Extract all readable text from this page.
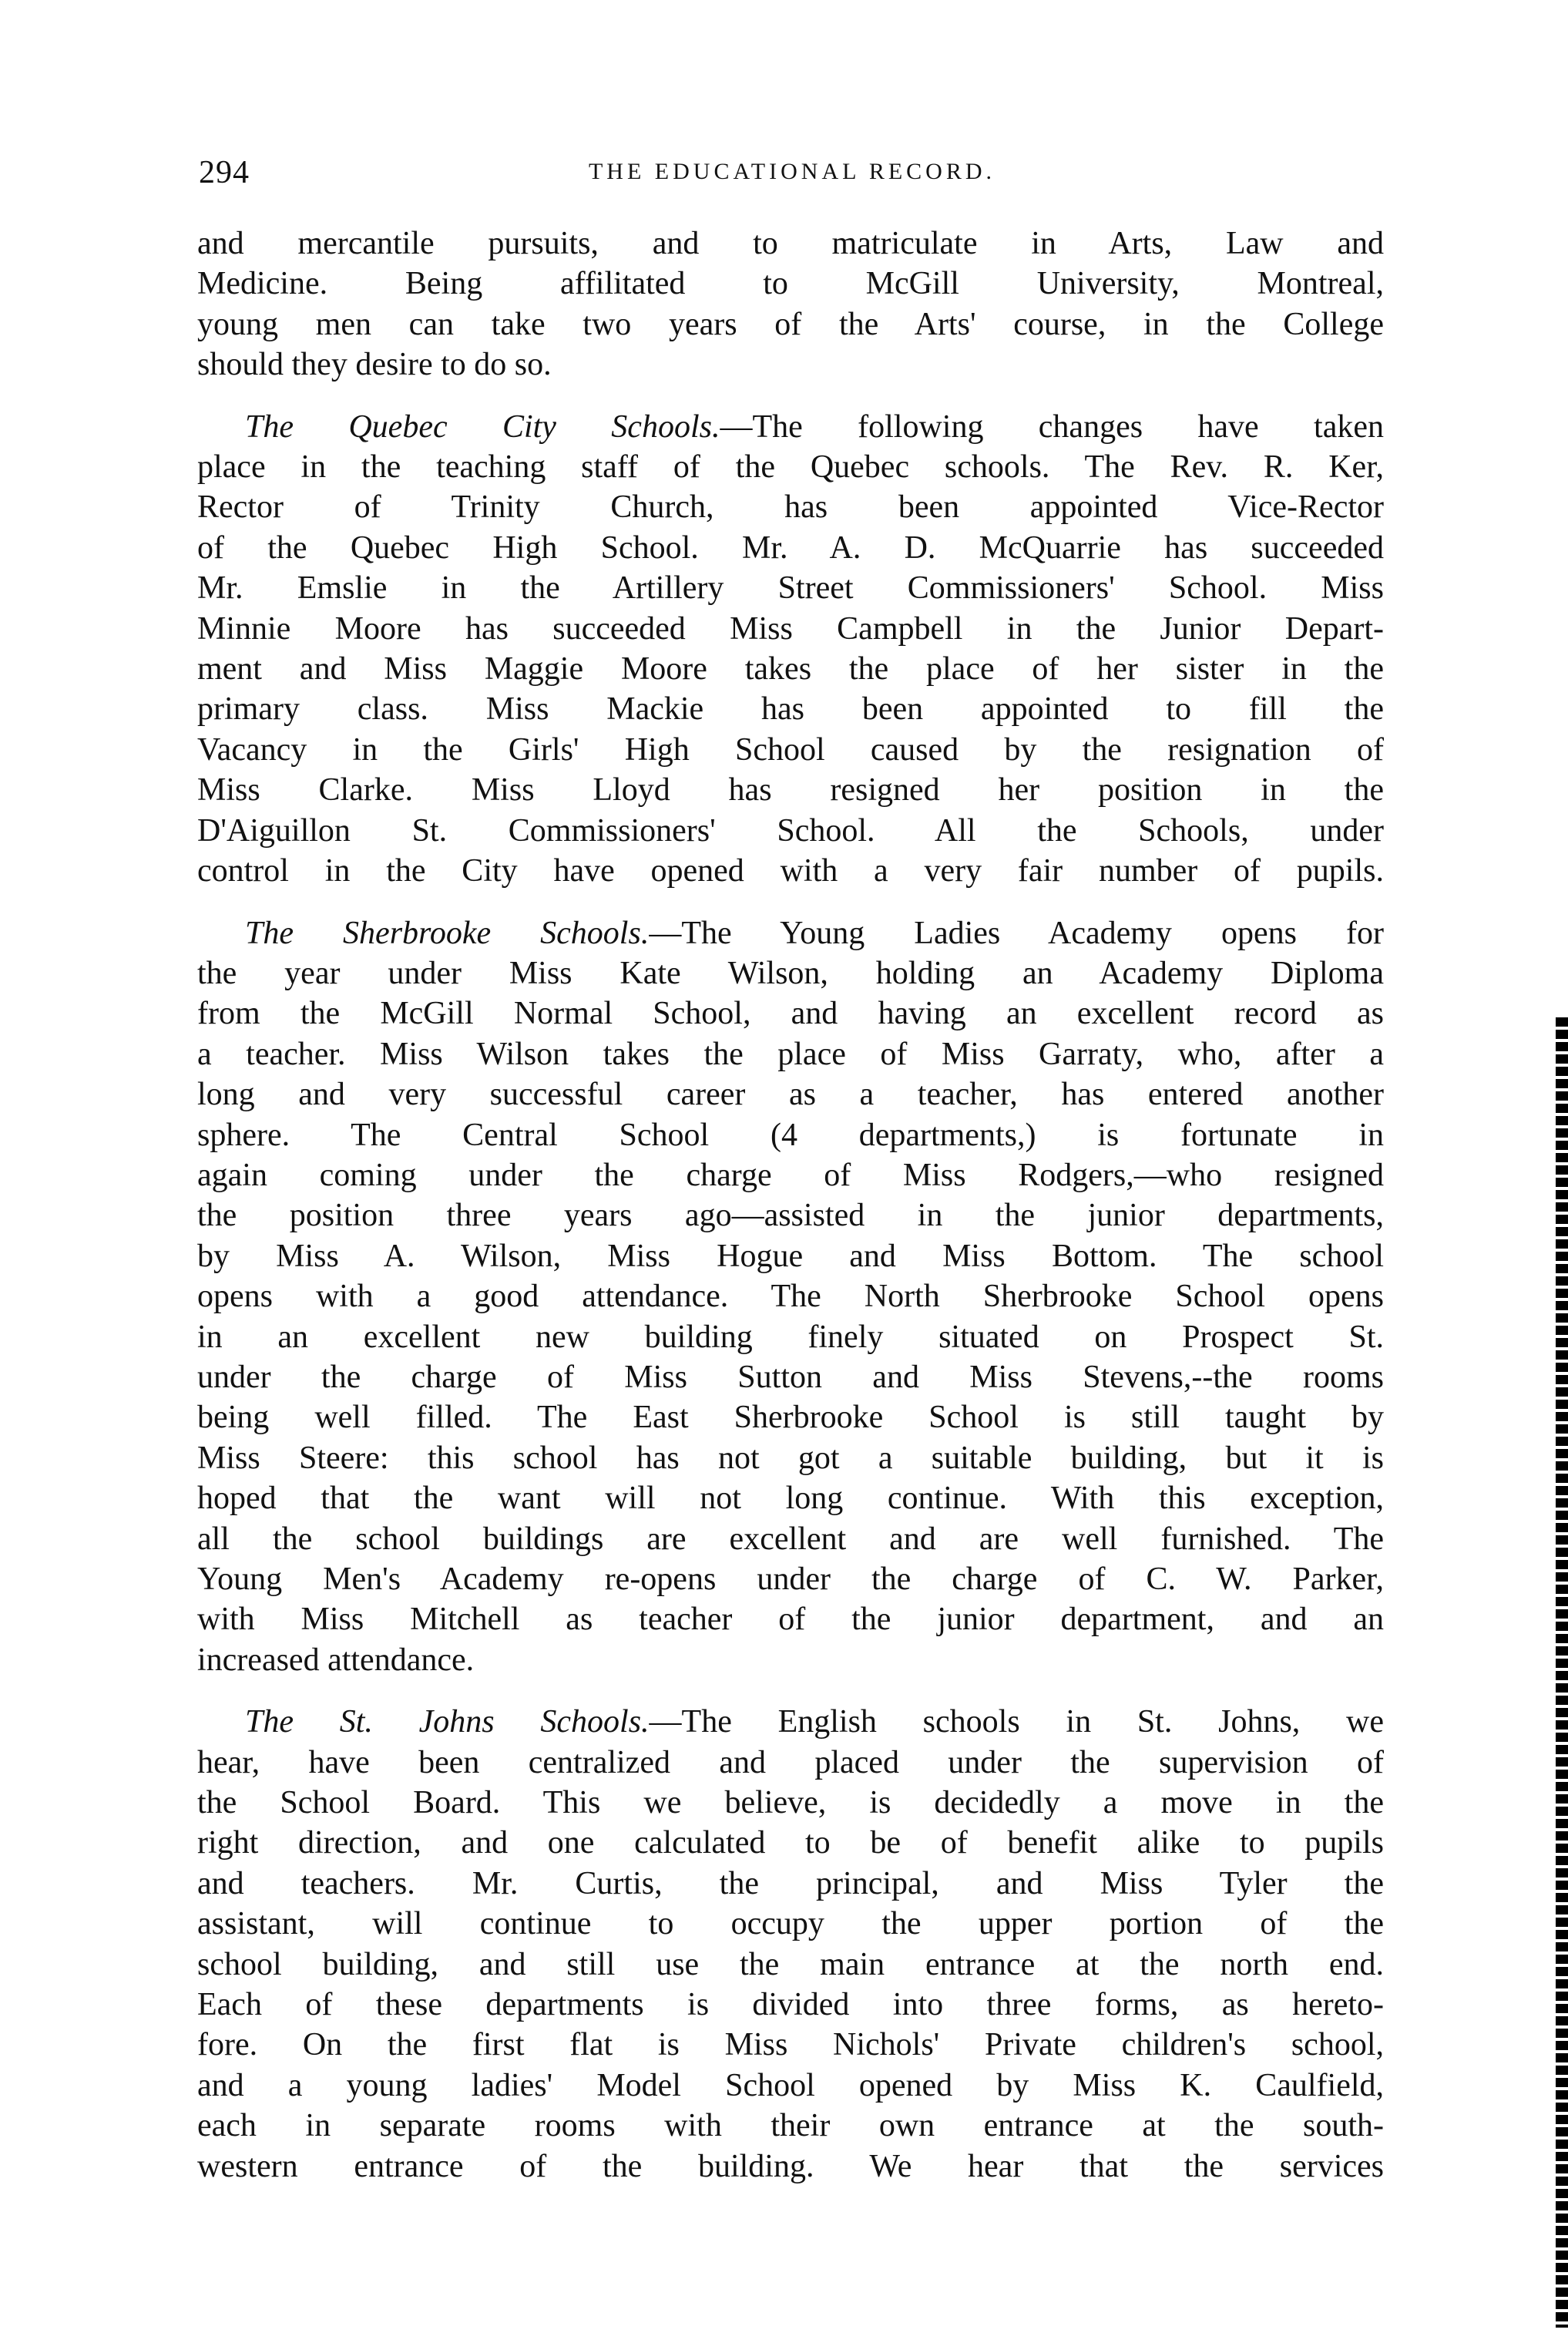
294	THE EDUCATIONAL RECORD.

and mercantile pursuits, and to matriculate in Arts, Law and
Medicine. Being affilitated to McGill University, Montreal,
young men can take two years of the Arts' course, in the College
should they desire to do so.

The Quebec City Schools.—The following changes have taken
place in the teaching staff of the Quebec schools. The Rev. R. Ker,
Rector of Trinity Church, has been appointed Vice-Rector
of the Quebec High School. Mr. A. D. McQuarrie has succeeded
Mr. Emslie in the Artillery Street Commissioners' School. Miss
Minnie Moore has succeeded Miss Campbell in the Junior Depart-
ment and Miss Maggie Moore takes the place of her sister in the
primary class. Miss Mackie has been appointed to fill the
Vacancy in the Girls' High School caused by the resignation of
Miss Clarke. Miss Lloyd has resigned her position in the
D'Aiguillon St. Commissioners' School. All the Schools, under
control in the City have opened with a very fair number of pupils.

The Sherbrooke Schools.—The Young Ladies Academy opens for
the year under Miss Kate Wilson, holding an Academy Diploma
from the McGill Normal School, and having an excellent record as
a teacher. Miss Wilson takes the place of Miss Garraty, who, after a
long and very successful career as a teacher, has entered another
sphere. The Central School (4 departments,) is fortunate in
again coming under the charge of Miss Rodgers,—who resigned
the position three years ago—assisted in the junior departments,
by Miss A. Wilson, Miss Hogue and Miss Bottom. The school
opens with a good attendance. The North Sherbrooke School opens
in an excellent new building finely situated on Prospect St.
under the charge of Miss Sutton and Miss Stevens,--the rooms
being well filled. The East Sherbrooke School is still taught by
Miss Steere: this school has not got a suitable building, but it is
hoped that the want will not long continue. With this exception,
all the school buildings are excellent and are well furnished. The
Young Men's Academy re-opens under the charge of C. W. Parker,
with Miss Mitchell as teacher of the junior department, and an
increased attendance.

The St. Johns Schools.—The English schools in St. Johns, we
hear, have been centralized and placed under the supervision of
the School Board. This we believe, is decidedly a move in the
right direction, and one calculated to be of benefit alike to pupils
and teachers. Mr. Curtis, the principal, and Miss Tyler the
assistant, will continue to occupy the upper portion of the
school building, and still use the main entrance at the north end.
Each of these departments is divided into three forms, as hereto-
fore. On the first flat is Miss Nichols' Private children's school,
and a young ladies' Model School opened by Miss K. Caulfield,
each in separate rooms with their own entrance at the south-
western entrance of the building. We hear that the services
